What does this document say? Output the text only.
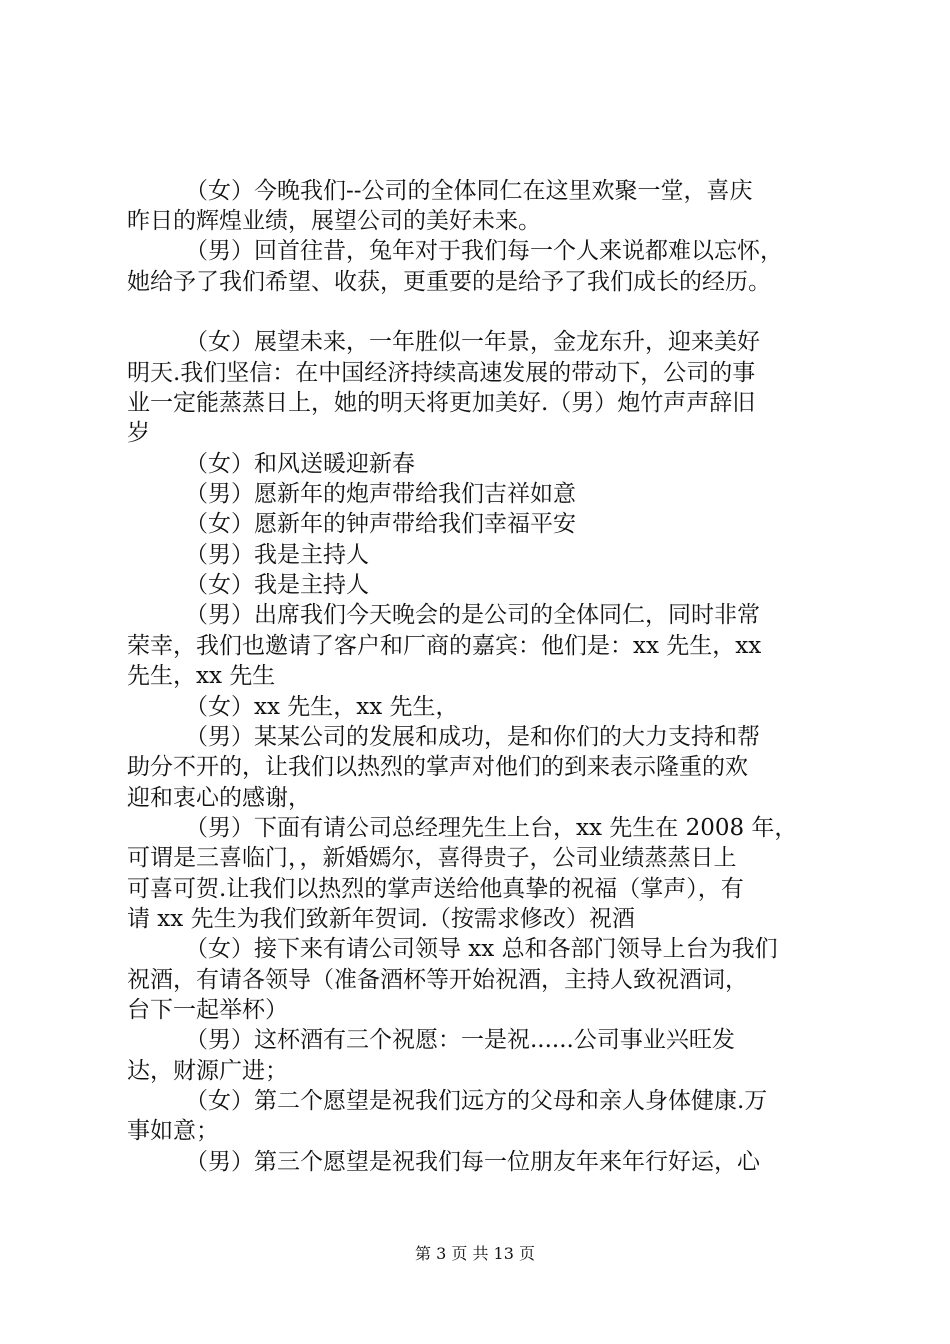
（女）今晚我们--公司的全体同仁在这里欢聚一堂，喜庆

昨日的辉煌业绩，展望公司的美好未来。

（男）回首往昔，兔年对于我们每一个人来说都难以忘怀，

她给予了我们希望、收获，更重要的是给予了我们成长的经历。

（女）展望未来，一年胜似一年景，金龙东升，迎来美好

明天.我们坚信：在中国经济持续高速发展的带动下，公司的事

业一定能蒸蒸日上，她的明天将更加美好.（男）炮竹声声辞旧

岁

（女）和风送暖迎新春

（男）愿新年的炮声带给我们吉祥如意

（女）愿新年的钟声带给我们幸福平安

（男）我是主持人

（女）我是主持人

（男）出席我们今天晚会的是公司的全体同仁，同时非常

荣幸，我们也邀请了客户和厂商的嘉宾：他们是：xx 先生，xx

先生，xx 先生

（女）xx 先生，xx 先生，

（男）某某公司的发展和成功，是和你们的大力支持和帮

助分不开的，让我们以热烈的掌声对他们的到来表示隆重的欢

迎和衷心的感谢，

（男）下面有请公司总经理先生上台，xx 先生在 2008 年，

可谓是三喜临门，，新婚嫣尔，喜得贵子，公司业绩蒸蒸日上

可喜可贺.让我们以热烈的掌声送给他真挚的祝福（掌声），有

请 xx 先生为我们致新年贺词.（按需求修改）祝酒

（女）接下来有请公司领导 xx 总和各部门领导上台为我们

祝酒，有请各领导（准备酒杯等开始祝酒，主持人致祝酒词，

台下一起举杯）

（男）这杯酒有三个祝愿：一是祝......公司事业兴旺发

达，财源广进；

（女）第二个愿望是祝我们远方的父母和亲人身体健康.万

事如意；

（男）第三个愿望是祝我们每一位朋友年来年行好运，心

第 3 页 共 13 页
